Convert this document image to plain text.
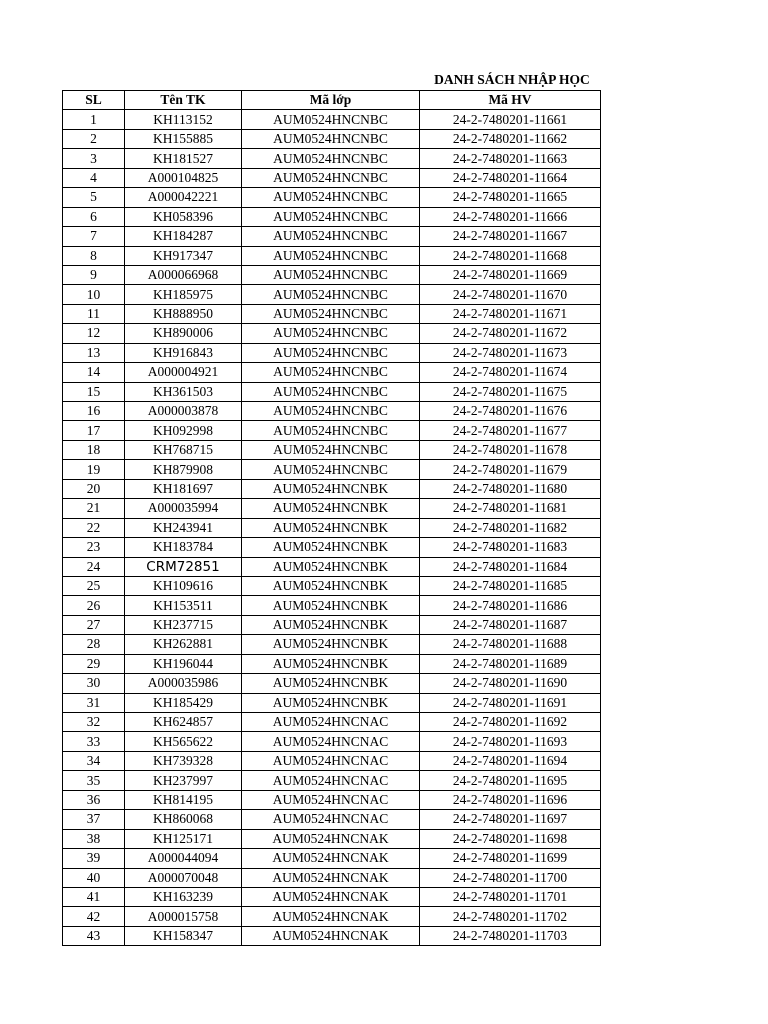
DANH SÁCH NHẬP HỌC
SL	Tên TK	Mã lớp	Mã HV
1	KH113152	AUM0524HNCNBC	24-2-7480201-11661
2	KH155885	AUM0524HNCNBC	24-2-7480201-11662
3	KH181527	AUM0524HNCNBC	24-2-7480201-11663
4	A000104825	AUM0524HNCNBC	24-2-7480201-11664
5	A000042221	AUM0524HNCNBC	24-2-7480201-11665
6	KH058396	AUM0524HNCNBC	24-2-7480201-11666
7	KH184287	AUM0524HNCNBC	24-2-7480201-11667
8	KH917347	AUM0524HNCNBC	24-2-7480201-11668
9	A000066968	AUM0524HNCNBC	24-2-7480201-11669
10	KH185975	AUM0524HNCNBC	24-2-7480201-11670
11	KH888950	AUM0524HNCNBC	24-2-7480201-11671
12	KH890006	AUM0524HNCNBC	24-2-7480201-11672
13	KH916843	AUM0524HNCNBC	24-2-7480201-11673
14	A000004921	AUM0524HNCNBC	24-2-7480201-11674
15	KH361503	AUM0524HNCNBC	24-2-7480201-11675
16	A000003878	AUM0524HNCNBC	24-2-7480201-11676
17	KH092998	AUM0524HNCNBC	24-2-7480201-11677
18	KH768715	AUM0524HNCNBC	24-2-7480201-11678
19	KH879908	AUM0524HNCNBC	24-2-7480201-11679
20	KH181697	AUM0524HNCNBK	24-2-7480201-11680
21	A000035994	AUM0524HNCNBK	24-2-7480201-11681
22	KH243941	AUM0524HNCNBK	24-2-7480201-11682
23	KH183784	AUM0524HNCNBK	24-2-7480201-11683
24	CRM72851	AUM0524HNCNBK	24-2-7480201-11684
25	KH109616	AUM0524HNCNBK	24-2-7480201-11685
26	KH153511	AUM0524HNCNBK	24-2-7480201-11686
27	KH237715	AUM0524HNCNBK	24-2-7480201-11687
28	KH262881	AUM0524HNCNBK	24-2-7480201-11688
29	KH196044	AUM0524HNCNBK	24-2-7480201-11689
30	A000035986	AUM0524HNCNBK	24-2-7480201-11690
31	KH185429	AUM0524HNCNBK	24-2-7480201-11691
32	KH624857	AUM0524HNCNAC	24-2-7480201-11692
33	KH565622	AUM0524HNCNAC	24-2-7480201-11693
34	KH739328	AUM0524HNCNAC	24-2-7480201-11694
35	KH237997	AUM0524HNCNAC	24-2-7480201-11695
36	KH814195	AUM0524HNCNAC	24-2-7480201-11696
37	KH860068	AUM0524HNCNAC	24-2-7480201-11697
38	KH125171	AUM0524HNCNAK	24-2-7480201-11698
39	A000044094	AUM0524HNCNAK	24-2-7480201-11699
40	A000070048	AUM0524HNCNAK	24-2-7480201-11700
41	KH163239	AUM0524HNCNAK	24-2-7480201-11701
42	A000015758	AUM0524HNCNAK	24-2-7480201-11702
43	KH158347	AUM0524HNCNAK	24-2-7480201-11703
